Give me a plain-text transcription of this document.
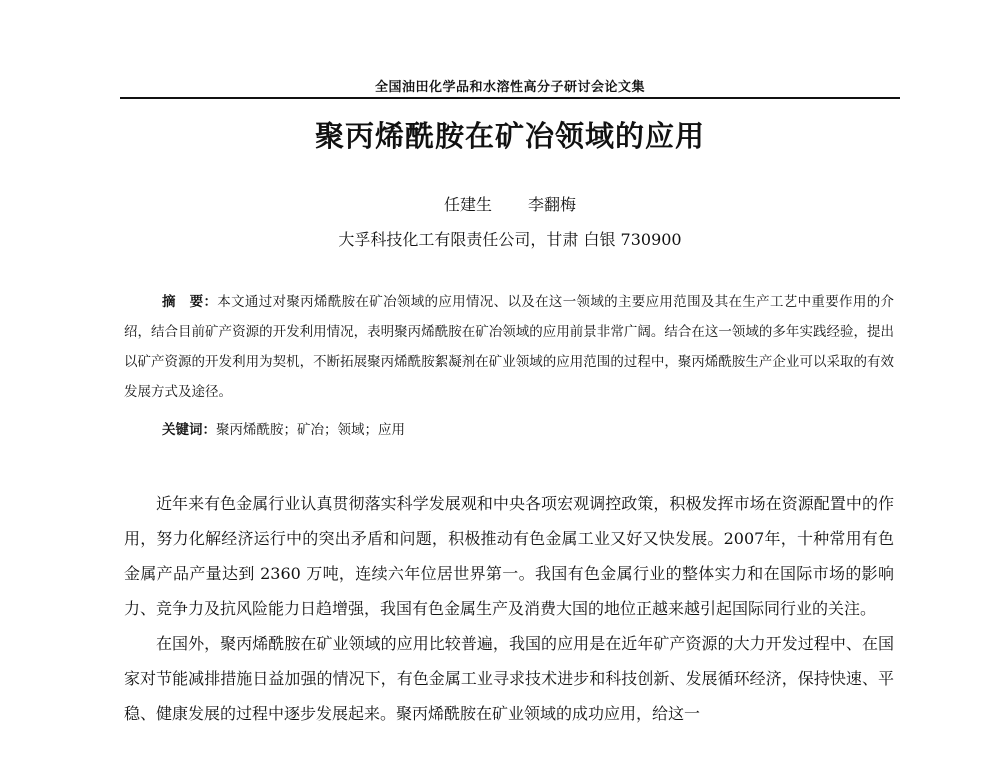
全国油田化学品和水溶性高分子研讨会论文集
聚丙烯酰胺在矿冶领域的应用
任建生 李翻梅
大孚科技化工有限责任公司，甘肃 白银 730900
摘　要：本文通过对聚丙烯酰胺在矿冶领域的应用情况、以及在这一领域的主要应用范围及其在生产工艺中重要作用的介绍，结合目前矿产资源的开发利用情况，表明聚丙烯酰胺在矿冶领域的应用前景非常广阔。结合在这一领域的多年实践经验，提出以矿产资源的开发利用为契机，不断拓展聚丙烯酰胺絮凝剂在矿业领域的应用范围的过程中，聚丙烯酰胺生产企业可以采取的有效发展方式及途径。
关键词：聚丙烯酰胺；矿冶；领域；应用

近年来有色金属行业认真贯彻落实科学发展观和中央各项宏观调控政策，积极发挥市场在资源配置中的作用，努力化解经济运行中的突出矛盾和问题，积极推动有色金属工业又好又快发展。2007年，十种常用有色金属产品产量达到 2360 万吨，连续六年位居世界第一。我国有色金属行业的整体实力和在国际市场的影响力、竞争力及抗风险能力日趋增强，我国有色金属生产及消费大国的地位正越来越引起国际同行业的关注。

在国外，聚丙烯酰胺在矿业领域的应用比较普遍，我国的应用是在近年矿产资源的大力开发过程中、在国家对节能减排措施日益加强的情况下，有色金属工业寻求技术进步和科技创新、发展循环经济，保持快速、平稳、健康发展的过程中逐步发展起来。聚丙烯酰胺在矿业领域的成功应用，给这一
